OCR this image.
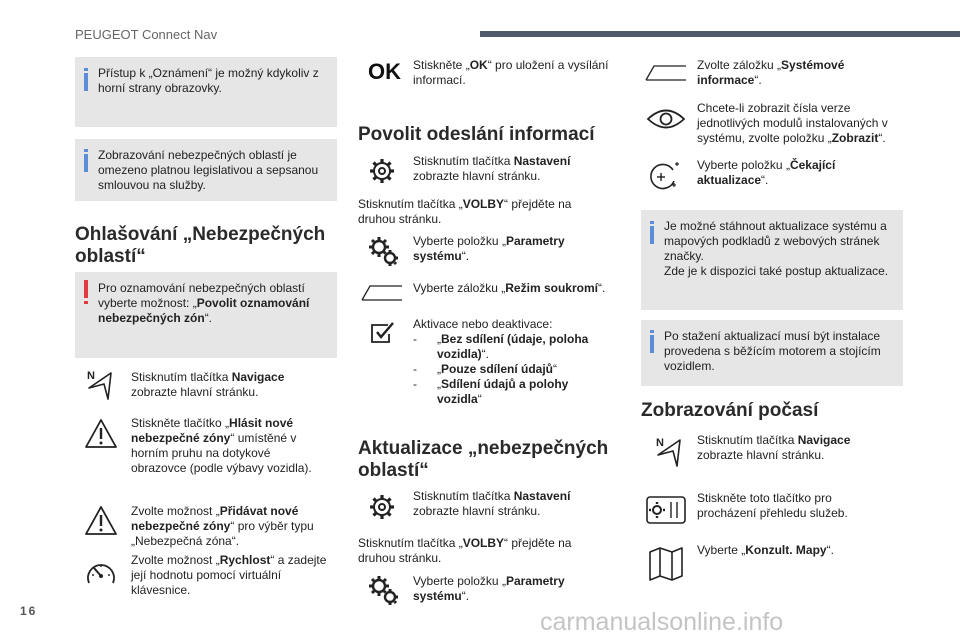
PEUGEOT Connect Nav
Přístup k „Oznámení“ je možný kdykoliv z horní strany obrazovky.
Zobrazování nebezpečných oblastí je omezeno platnou legislativou a sepsanou smlouvou na služby.
Ohlašování „Nebezpečných oblastí“
Pro oznamování nebezpečných oblastí vyberte možnost: „Povolit oznamování nebezpečných zón“.
N	Stisknutím tlačítka Navigace zobrazte hlavní stránku.
Stiskněte tlačítko „Hlásit nové nebezpečné zóny“ umístěné v horním pruhu na dotykové obrazovce (podle výbavy vozidla).
Zvolte možnost „Přidávat nové nebezpečné zóny“ pro výběr typu „Nebezpečná zóna“.
Zvolte možnost „Rychlost“ a zadejte její hodnotu pomocí virtuální klávesnice.
OK Stiskněte „OK“ pro uložení a vysílání informací.
Povolit odeslání informací
Stisknutím tlačítka Nastavení zobrazte hlavní stránku.
Stisknutím tlačítka „VOLBY“ přejděte na druhou stránku.
Vyberte položku „Parametry systému“.
Vyberte záložku „Režim soukromí“.
Aktivace nebo deaktivace:
- „Bez sdílení (údaje, poloha vozidla)“.
- „Pouze sdílení údajů“
- „Sdílení údajů a polohy vozidla“
Aktualizace „nebezpečných oblastí“
Stisknutím tlačítka Nastavení zobrazte hlavní stránku.
Stisknutím tlačítka „VOLBY“ přejděte na druhou stránku.
Vyberte položku „Parametry systému“.
Zvolte záložku „Systémové informace“.
Chcete-li zobrazit čísla verze jednotlivých modulů instalovaných v systému, zvolte položku „Zobrazit“.
Vyberte položku „Čekající aktualizace“.
Je možné stáhnout aktualizace systému a mapových podkladů z webových stránek značky.
Zde je k dispozici také postup aktualizace.
Po stažení aktualizací musí být instalace provedena s běžícím motorem a stojícím vozidlem.
Zobrazování počasí
N	Stisknutím tlačítka Navigace zobrazte hlavní stránku.
Stiskněte toto tlačítko pro procházení přehledu služeb.
Vyberte „Konzult. Mapy“.
16	carmanualsonline.info
